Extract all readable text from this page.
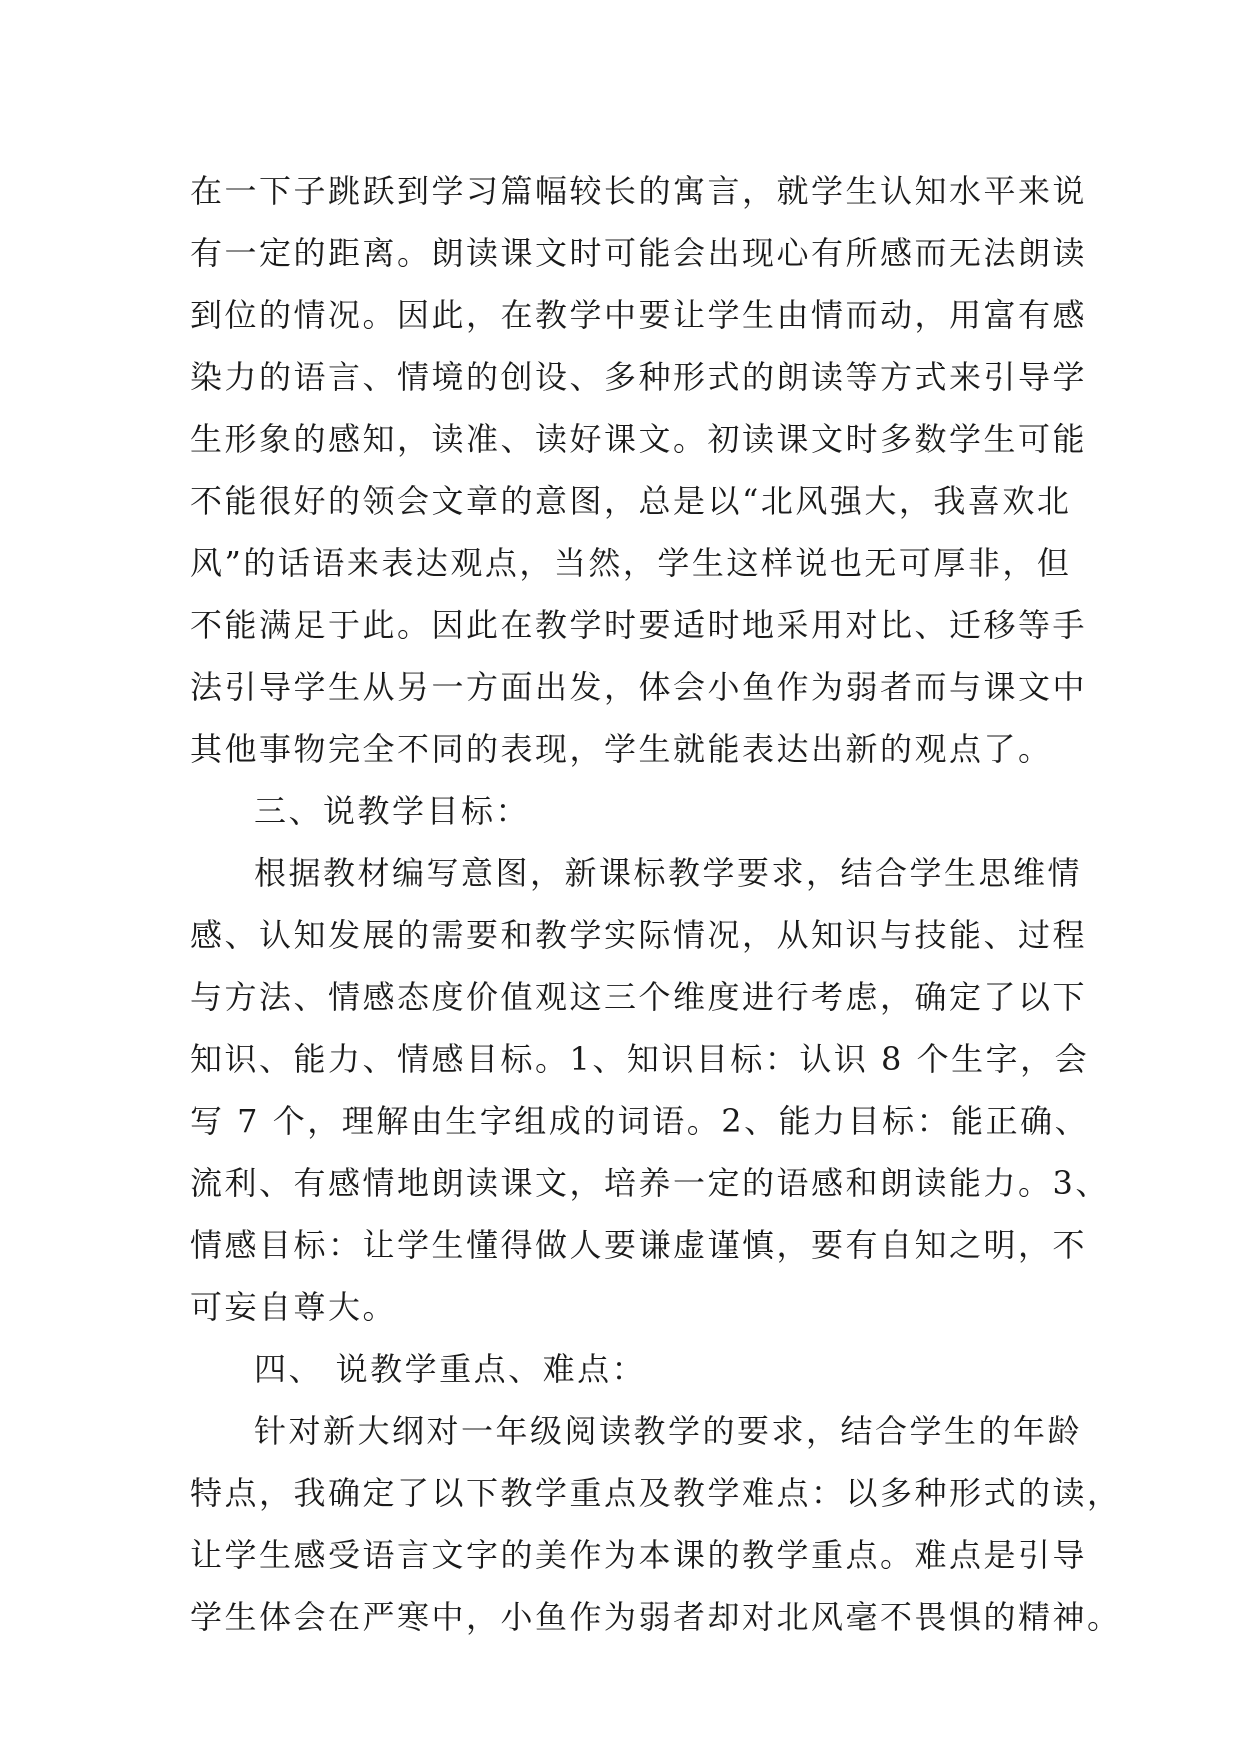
在一下子跳跃到学习篇幅较长的寓言，就学生认知水平来说
有一定的距离。朗读课文时可能会出现心有所感而无法朗读
到位的情况。因此，在教学中要让学生由情而动，用富有感
染力的语言、情境的创设、多种形式的朗读等方式来引导学
生形象的感知，读准、读好课文。初读课文时多数学生可能
不能很好的领会文章的意图，总是以“北风强大，我喜欢北
风”的话语来表达观点，当然，学生这样说也无可厚非，但
不能满足于此。因此在教学时要适时地采用对比、迁移等手
法引导学生从另一方面出发，体会小鱼作为弱者而与课文中
其他事物完全不同的表现，学生就能表达出新的观点了。
三、说教学目标：
根据教材编写意图，新课标教学要求，结合学生思维情
感、认知发展的需要和教学实际情况，从知识与技能、过程
与方法、情感态度价值观这三个维度进行考虑，确定了以下
知识、能力、情感目标。1、知识目标：认识 8 个生字，会
写 7 个，理解由生字组成的词语。2、能力目标：能正确、
流利、有感情地朗读课文，培养一定的语感和朗读能力。3、
情感目标：让学生懂得做人要谦虚谨慎，要有自知之明，不
可妄自尊大。
四、 说教学重点、难点：
针对新大纲对一年级阅读教学的要求，结合学生的年龄
特点，我确定了以下教学重点及教学难点：以多种形式的读，
让学生感受语言文字的美作为本课的教学重点。难点是引导
学生体会在严寒中，小鱼作为弱者却对北风毫不畏惧的精神。
